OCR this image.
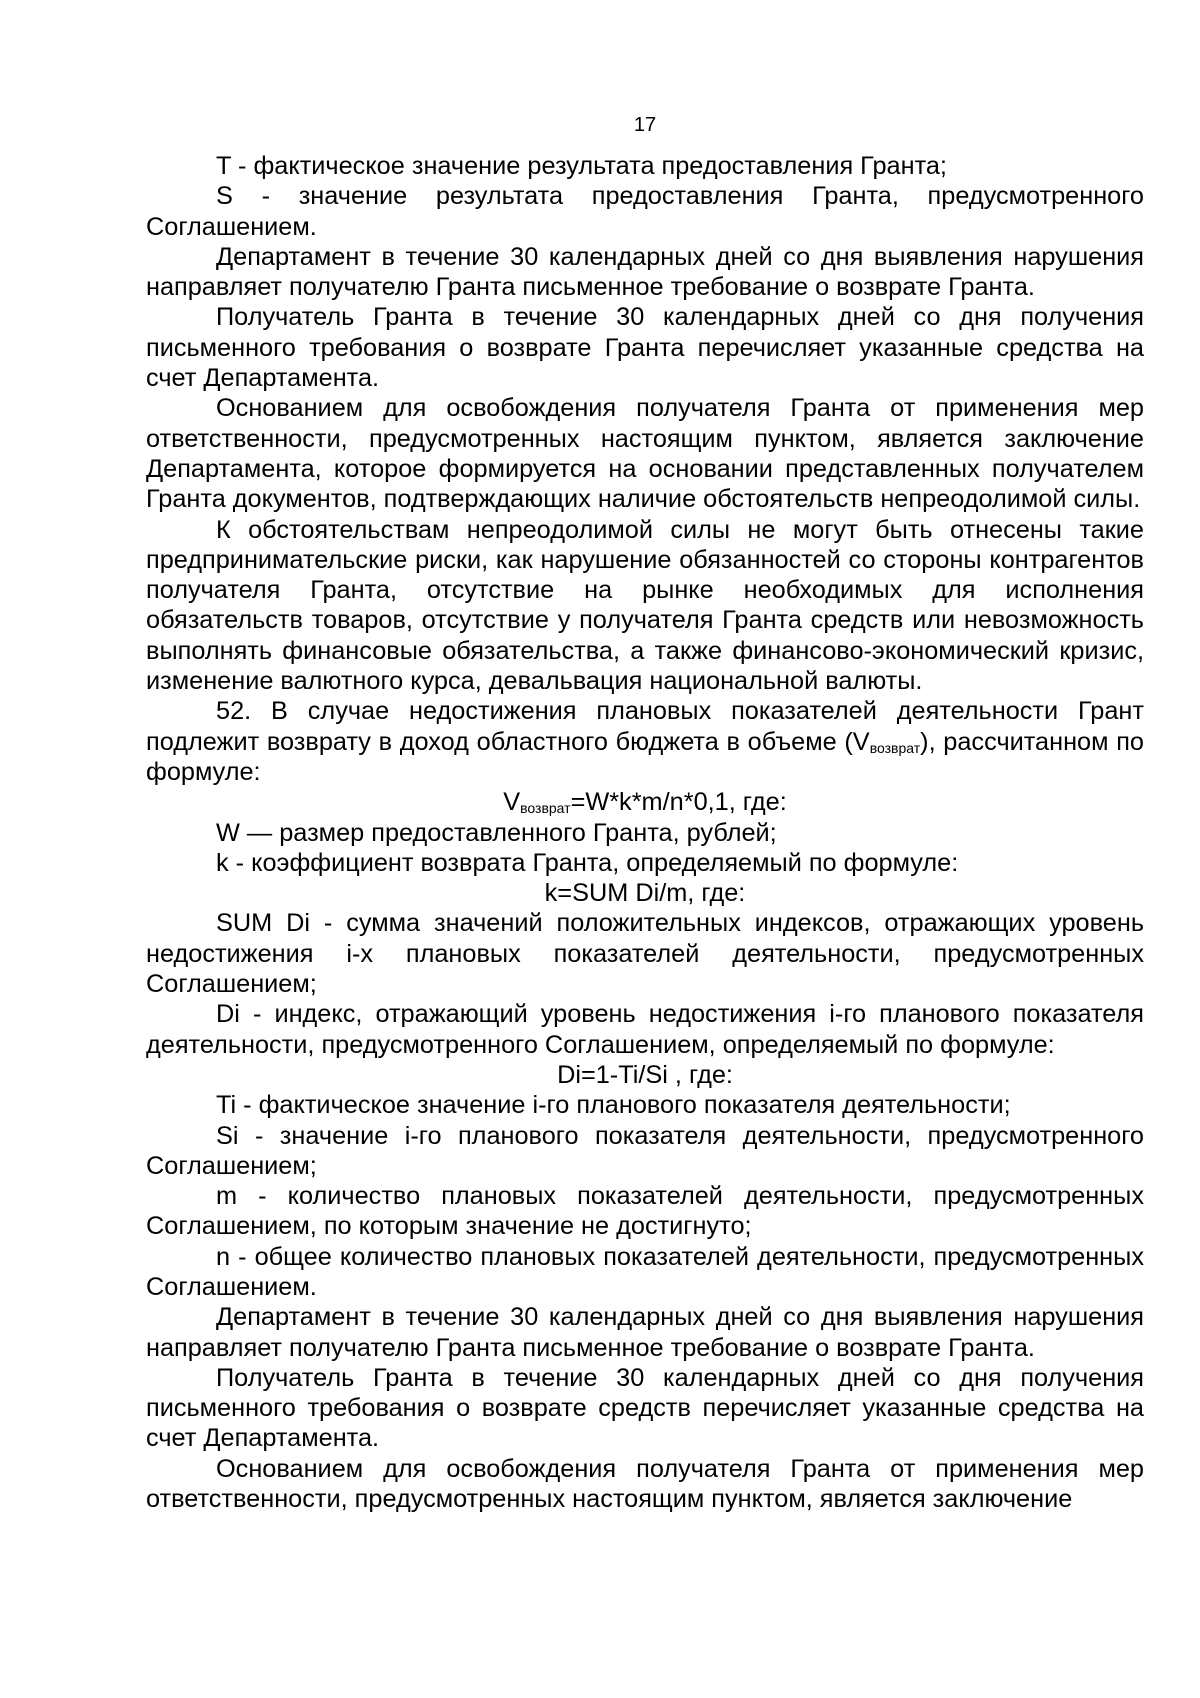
17

T - фактическое значение результата предоставления Гранта;

S - значение результата предоставления Гранта, предусмотренного Соглашением.

Департамент в течение 30 календарных дней со дня выявления нарушения направляет получателю Гранта письменное требование о возврате Гранта.

Получатель Гранта в течение 30 календарных дней со дня получения письменного требования о возврате Гранта перечисляет указанные средства на счет Департамента.

Основанием для освобождения получателя Гранта от применения мер ответственности, предусмотренных настоящим пунктом, является заключение Департамента, которое формируется на основании представленных получателем Гранта документов, подтверждающих наличие обстоятельств непреодолимой силы.

К обстоятельствам непреодолимой силы не могут быть отнесены такие предпринимательские риски, как нарушение обязанностей со стороны контрагентов получателя Гранта, отсутствие на рынке необходимых для исполнения обязательств товаров, отсутствие у получателя Гранта средств или невозможность выполнять финансовые обязательства, а также финансово-экономический кризис, изменение валютного курса, девальвация национальной валюты.

52. В случае недостижения плановых показателей деятельности Грант подлежит возврату в доход областного бюджета в объеме $(V_{возврат})$, рассчитанном по формуле:

$V_{возврат}=W*k*m/n*0,1$, где:

W — размер предоставленного Гранта, рублей;

k - коэффициент возврата Гранта, определяемый по формуле:

k=SUM Di/m, где:

SUM Di - сумма значений положительных индексов, отражающих уровень недостижения i-х плановых показателей деятельности, предусмотренных Соглашением;

Di - индекс, отражающий уровень недостижения i-го планового показателя деятельности, предусмотренного Соглашением, определяемый по формуле:

Di=1-Ti/Si , где:

Ti - фактическое значение i-го планового показателя деятельности;

Si - значение i-го планового показателя деятельности, предусмотренного Соглашением;

m - количество плановых показателей деятельности, предусмотренных Соглашением, по которым значение не достигнуто;

n - общее количество плановых показателей деятельности, предусмотренных Соглашением.

Департамент в течение 30 календарных дней со дня выявления нарушения направляет получателю Гранта письменное требование о возврате Гранта.

Получатель Гранта в течение 30 календарных дней со дня получения письменного требования о возврате средств перечисляет указанные средства на счет Департамента.

Основанием для освобождения получателя Гранта от применения мер ответственности, предусмотренных настоящим пунктом, является заключение
